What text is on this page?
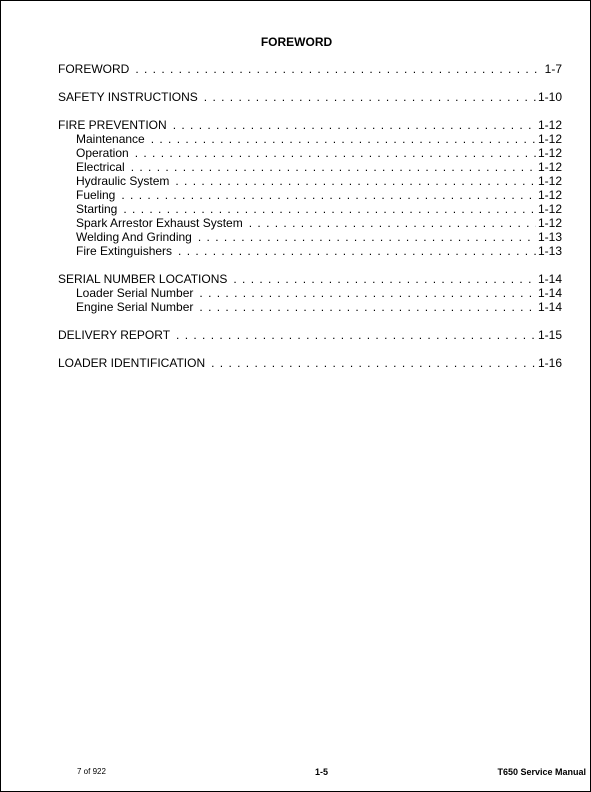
FOREWORD
FOREWORD . . .	1-7
SAFETY INSTRUCTIONS . . .	1-10
FIRE PREVENTION . . .	1-12
Maintenance . . .	1-12
Operation . . .	1-12
Electrical . . .	1-12
Hydraulic System . . .	1-12
Fueling . . .	1-12
Starting . . .	1-12
Spark Arrestor Exhaust System . . .	1-12
Welding And Grinding . . .	1-13
Fire Extinguishers . . .	1-13
SERIAL NUMBER LOCATIONS . . .	1-14
Loader Serial Number . . .	1-14
Engine Serial Number . . .	1-14
DELIVERY REPORT . . .	1-15
LOADER IDENTIFICATION . . .	1-16
7 of 922	1-5	T650 Service Manual
